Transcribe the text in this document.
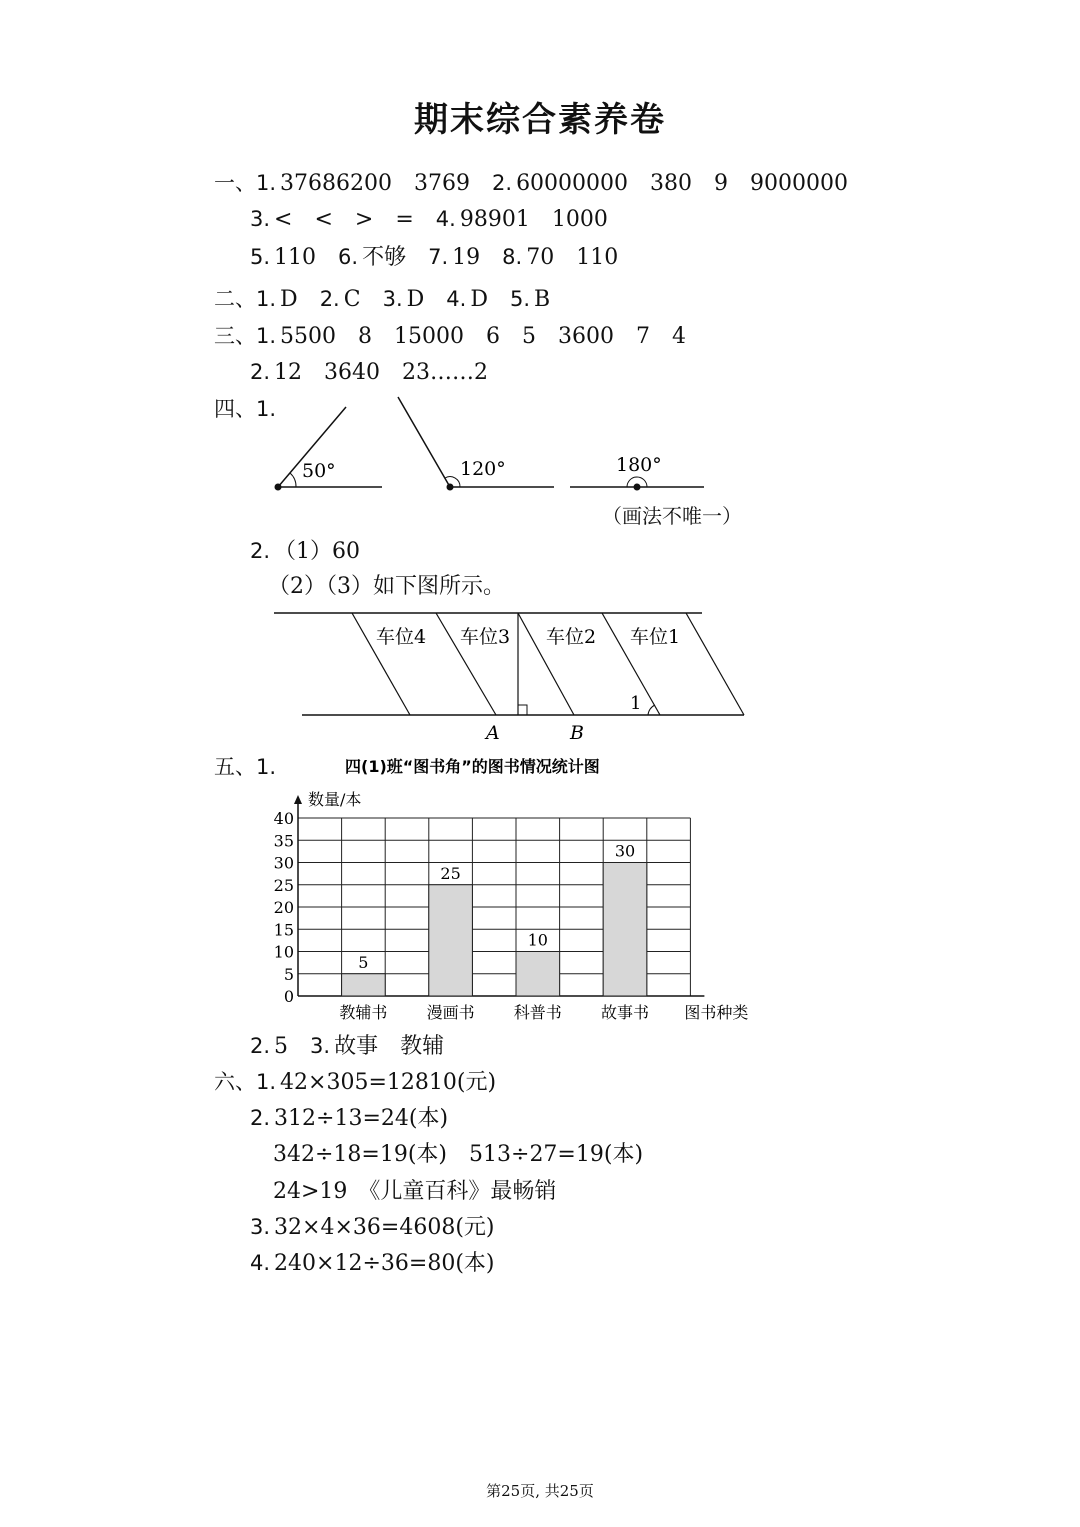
期末综合素养卷
一、1. 37686200　3769 2. 60000000　380　9　9000000
3. <　<　>　= 4. 98901　1000
5. 110 6. 不够 7. 19 8. 70　110
二、1. D 2. C 3. D 4. D 5. B
三、1. 5500　8　15000　6　5　3600　7　4
2. 12　3640　23……2
四、1.
50°	120°	180°
（画法不唯一）
2. （1）60
（2）（3）如下图所示。
车位4 车位3 车位2 车位1
1
A	B
五、1.	四(1)班“图书角”的图书情况统计图
0
5
10
15
20
25
30
35
40
数量/本
5
教辅书
25
漫画书
10
科普书
30
故事书 图书种类
2. 5 3. 故事　教辅
六、1. 42×305=12810(元)
2. 312÷13=24(本)
342÷18=19(本)　513÷27=19(本)
24>19　《儿童百科》最畅销
3. 32×4×36=4608(元)
4. 240×12÷36=80(本)
第25页, 共25页
